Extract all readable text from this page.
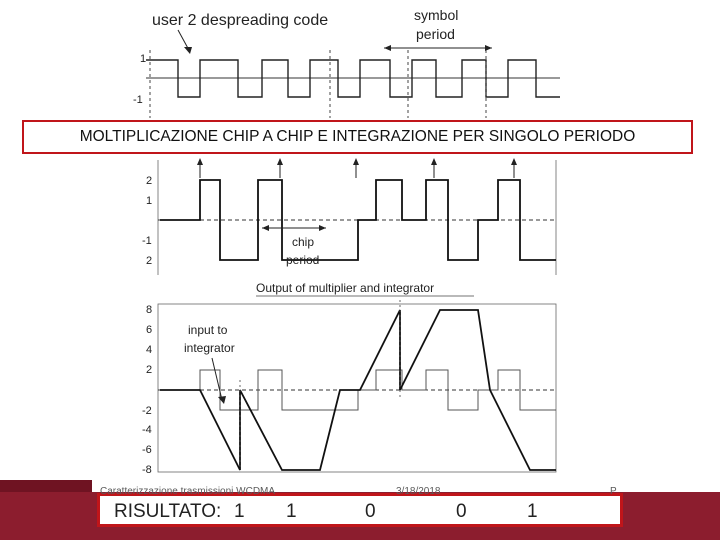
user 2 despreading code	symbol
period
1
-1
2
1
-1
2
chip
period
Output of multiplier and integrator
8
6
4
2
-2
-4
-6
-8
input to
integrator
MOLTIPLICAZIONE CHIP A CHIP E INTEGRAZIONE PER SINGOLO PERIODO
Caratterizzazione trasmissioni WCDMA	3/18/2018	P
RISULTATO: 1 1	0	0	1
